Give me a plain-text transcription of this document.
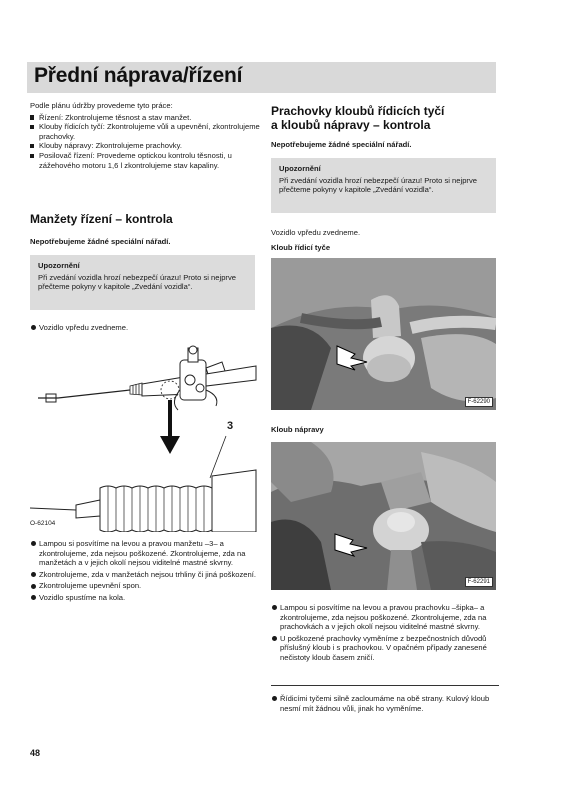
Přední náprava/řízení

Podle plánu údržby provedeme tyto práce:

Řízení: Zkontrolujeme těsnost a stav manžet.
Klouby řídicích tyčí: Zkontrolujeme vůli a upevnění, zkontrolujeme prachovky.
Klouby nápravy: Zkontrolujeme prachovky.
Posilovač řízení: Provedeme optickou kontrolu těsnosti, u zážehového motoru 1,6 l zkontrolujeme stav kapaliny.
Manžety řízení – kontrola

Nepotřebujeme žádné speciální nářadí.

Upozornění
Při zvedání vozidla hrozí nebezpečí úrazu! Proto si nejprve přečteme pokyny v kapitole „Zvedání vozidla“.
Vozidlo vpředu zvedneme.
3
O-62104
Lampou si posvítíme na levou a pravou manžetu –3– a zkontrolujeme, zda nejsou poškozené. Zkontrolujeme, zda na manžetách a v jejich okolí nejsou viditelné mastné skvrny.
Zkontrolujeme, zda v manžetách nejsou trhliny či jiná poškození.
Zkontrolujeme upevnění spon.
Vozidlo spustíme na kola.
Prachovky kloubů řídicích tyčí
a kloubů nápravy – kontrola

Nepotřebujeme žádné speciální nářadí.

Upozornění
Při zvedání vozidla hrozí nebezpečí úrazu! Proto si nejprve přečteme pokyny v kapitole „Zvedání vozidla“.

Vozidlo vpředu zvedneme.

Kloub řídicí tyče

F-62290

Kloub nápravy

F-62291
Lampou si posvítíme na levou a pravou prachovku –šipka– a zkontrolujeme, zda nejsou poškozené. Zkontrolujeme, zda na prachovkách a v jejich okolí nejsou viditelné mastné skvrny.
U poškozené prachovky vyměníme z bezpečnostních důvodů příslušný kloub i s prachovkou. V opačném případy zanesené nečistoty kloub časem zničí.
Řídicími tyčemi silně zacloumáme na obě strany. Kulový kloub nesmí mít žádnou vůli, jinak ho vyměníme.
48
